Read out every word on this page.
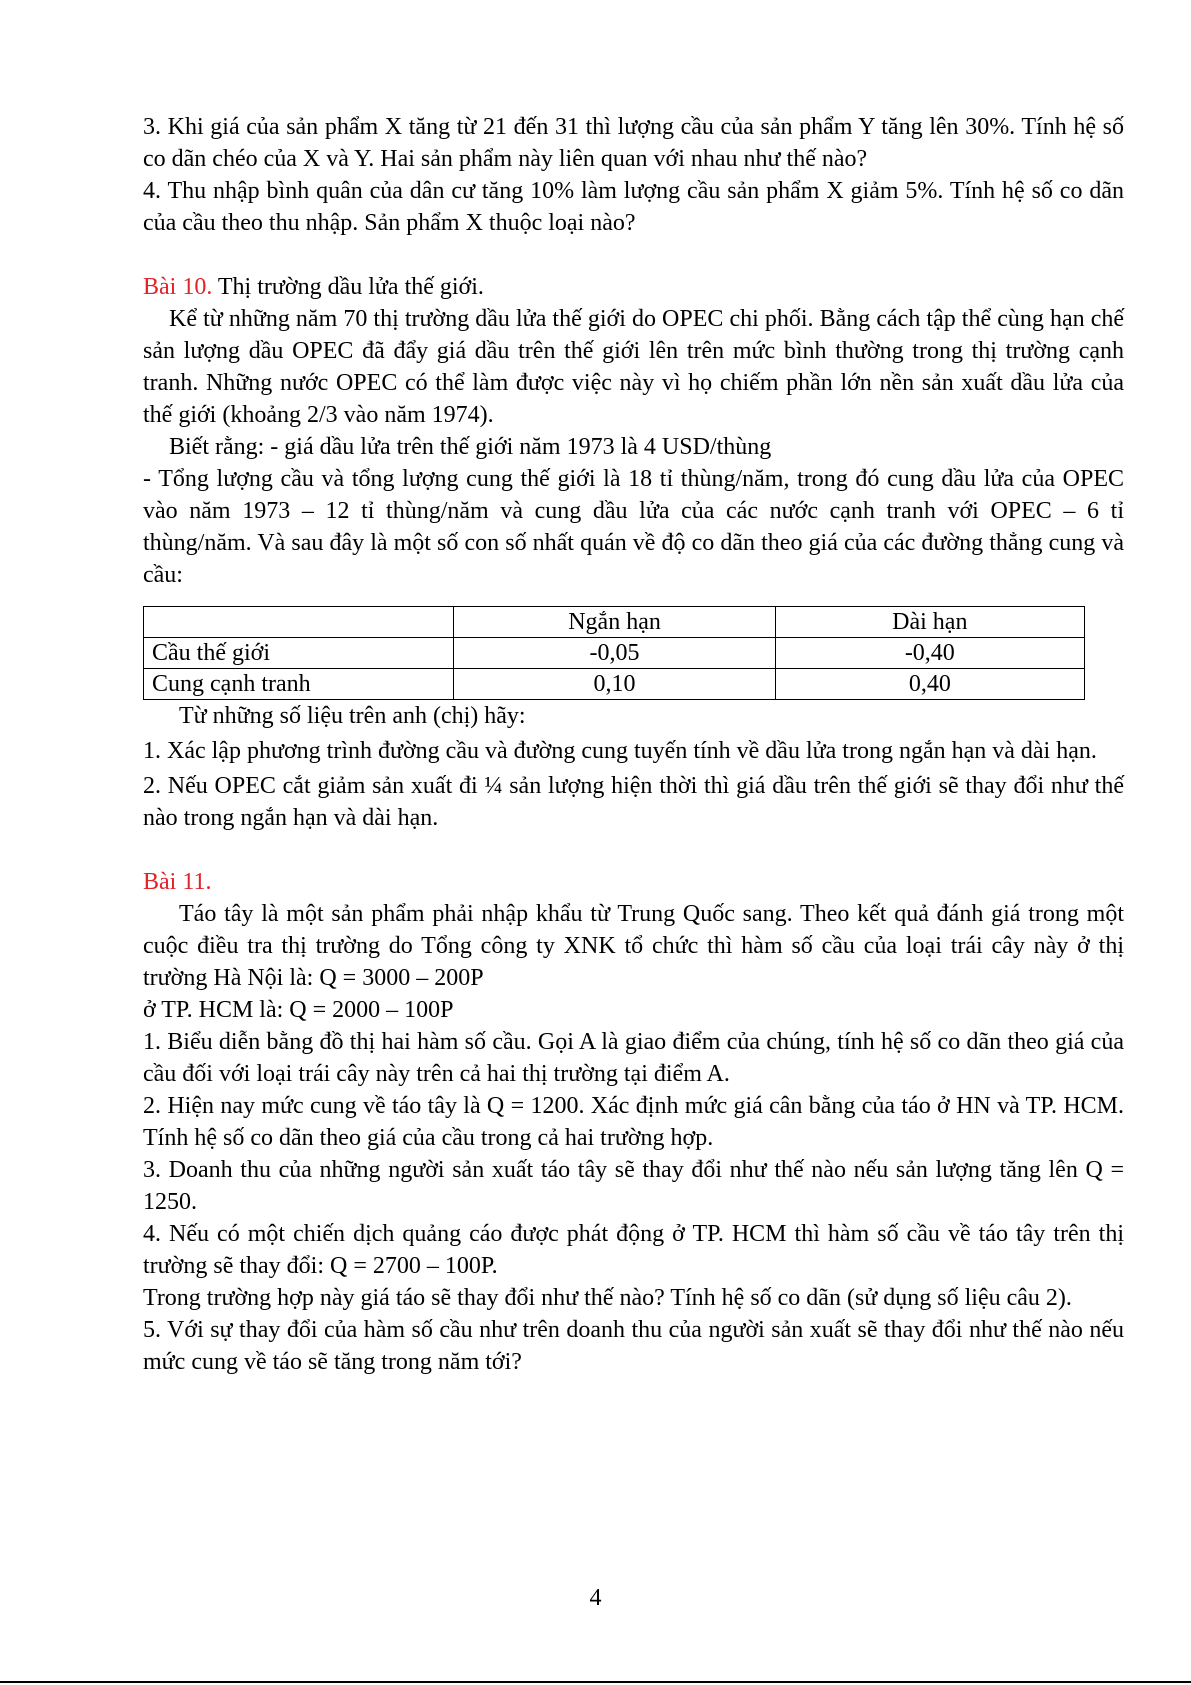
3. Khi giá của sản phẩm X tăng từ 21 đến 31 thì lượng cầu của sản phẩm Y tăng lên 30%. Tính hệ số co dãn chéo của X và Y. Hai sản phẩm này liên quan với nhau như thế nào?

4. Thu nhập bình quân của dân cư tăng 10% làm lượng cầu sản phẩm X giảm 5%. Tính hệ số co dãn của cầu theo thu nhập. Sản phẩm X thuộc loại nào?

Bài 10. Thị trường dầu lửa thế giới.

Kể từ những năm 70 thị trường dầu lửa thế giới do OPEC chi phối. Bằng cách tập thể cùng hạn chế sản lượng dầu OPEC đã đẩy giá dầu trên thế giới lên trên mức bình thường trong thị trường cạnh tranh. Những nước OPEC có thể làm được việc này vì họ chiếm phần lớn nền sản xuất dầu lửa của thế giới (khoảng 2/3 vào năm 1974).

Biết rằng: - giá dầu lửa trên thế giới năm 1973 là 4 USD/thùng

- Tổng lượng cầu và tổng lượng cung thế giới là 18 tỉ thùng/năm, trong đó cung dầu lửa của OPEC vào năm 1973 – 12 tỉ thùng/năm và cung dầu lửa của các nước cạnh tranh với OPEC – 6 tỉ thùng/năm. Và sau đây là một số con số nhất quán về độ co dãn theo giá của các đường thẳng cung và cầu:

	Ngắn hạn	Dài hạn
Cầu thế giới	-0,05	-0,40
Cung cạnh tranh	0,10	0,40

Từ những số liệu trên anh (chị) hãy:

1. Xác lập phương trình đường cầu và đường cung tuyến tính về dầu lửa trong ngắn hạn và dài hạn.

2. Nếu OPEC cắt giảm sản xuất đi ¼ sản lượng hiện thời thì giá dầu trên thế giới sẽ thay đổi như thế nào trong ngắn hạn và dài hạn.

Bài 11.

Táo tây là một sản phẩm phải nhập khẩu từ Trung Quốc sang. Theo kết quả đánh giá trong một cuộc điều tra thị trường do Tổng công ty XNK tổ chức thì hàm số cầu của loại trái cây này ở thị trường Hà Nội là: Q = 3000 – 200P

ở TP. HCM là: Q = 2000 – 100P

1. Biểu diễn bằng đồ thị hai hàm số cầu. Gọi A là giao điểm của chúng, tính hệ số co dãn theo giá của cầu đối với loại trái cây này trên cả hai thị trường tại điểm A.

2. Hiện nay mức cung về táo tây là Q = 1200. Xác định mức giá cân bằng của táo ở HN và TP. HCM. Tính hệ số co dãn theo giá của cầu trong cả hai trường hợp.

3. Doanh thu của những người sản xuất táo tây sẽ thay đổi như thế nào nếu sản lượng tăng lên Q = 1250.

4. Nếu có một chiến dịch quảng cáo được phát động ở TP. HCM thì hàm số cầu về táo tây trên thị trường sẽ thay đổi: Q = 2700 – 100P.

Trong trường hợp này giá táo sẽ thay đổi như thế nào? Tính hệ số co dãn (sử dụng số liệu câu 2).

5. Với sự thay đổi của hàm số cầu như trên doanh thu của người sản xuất sẽ thay đổi như thế nào nếu mức cung về táo sẽ tăng trong năm tới?

4
